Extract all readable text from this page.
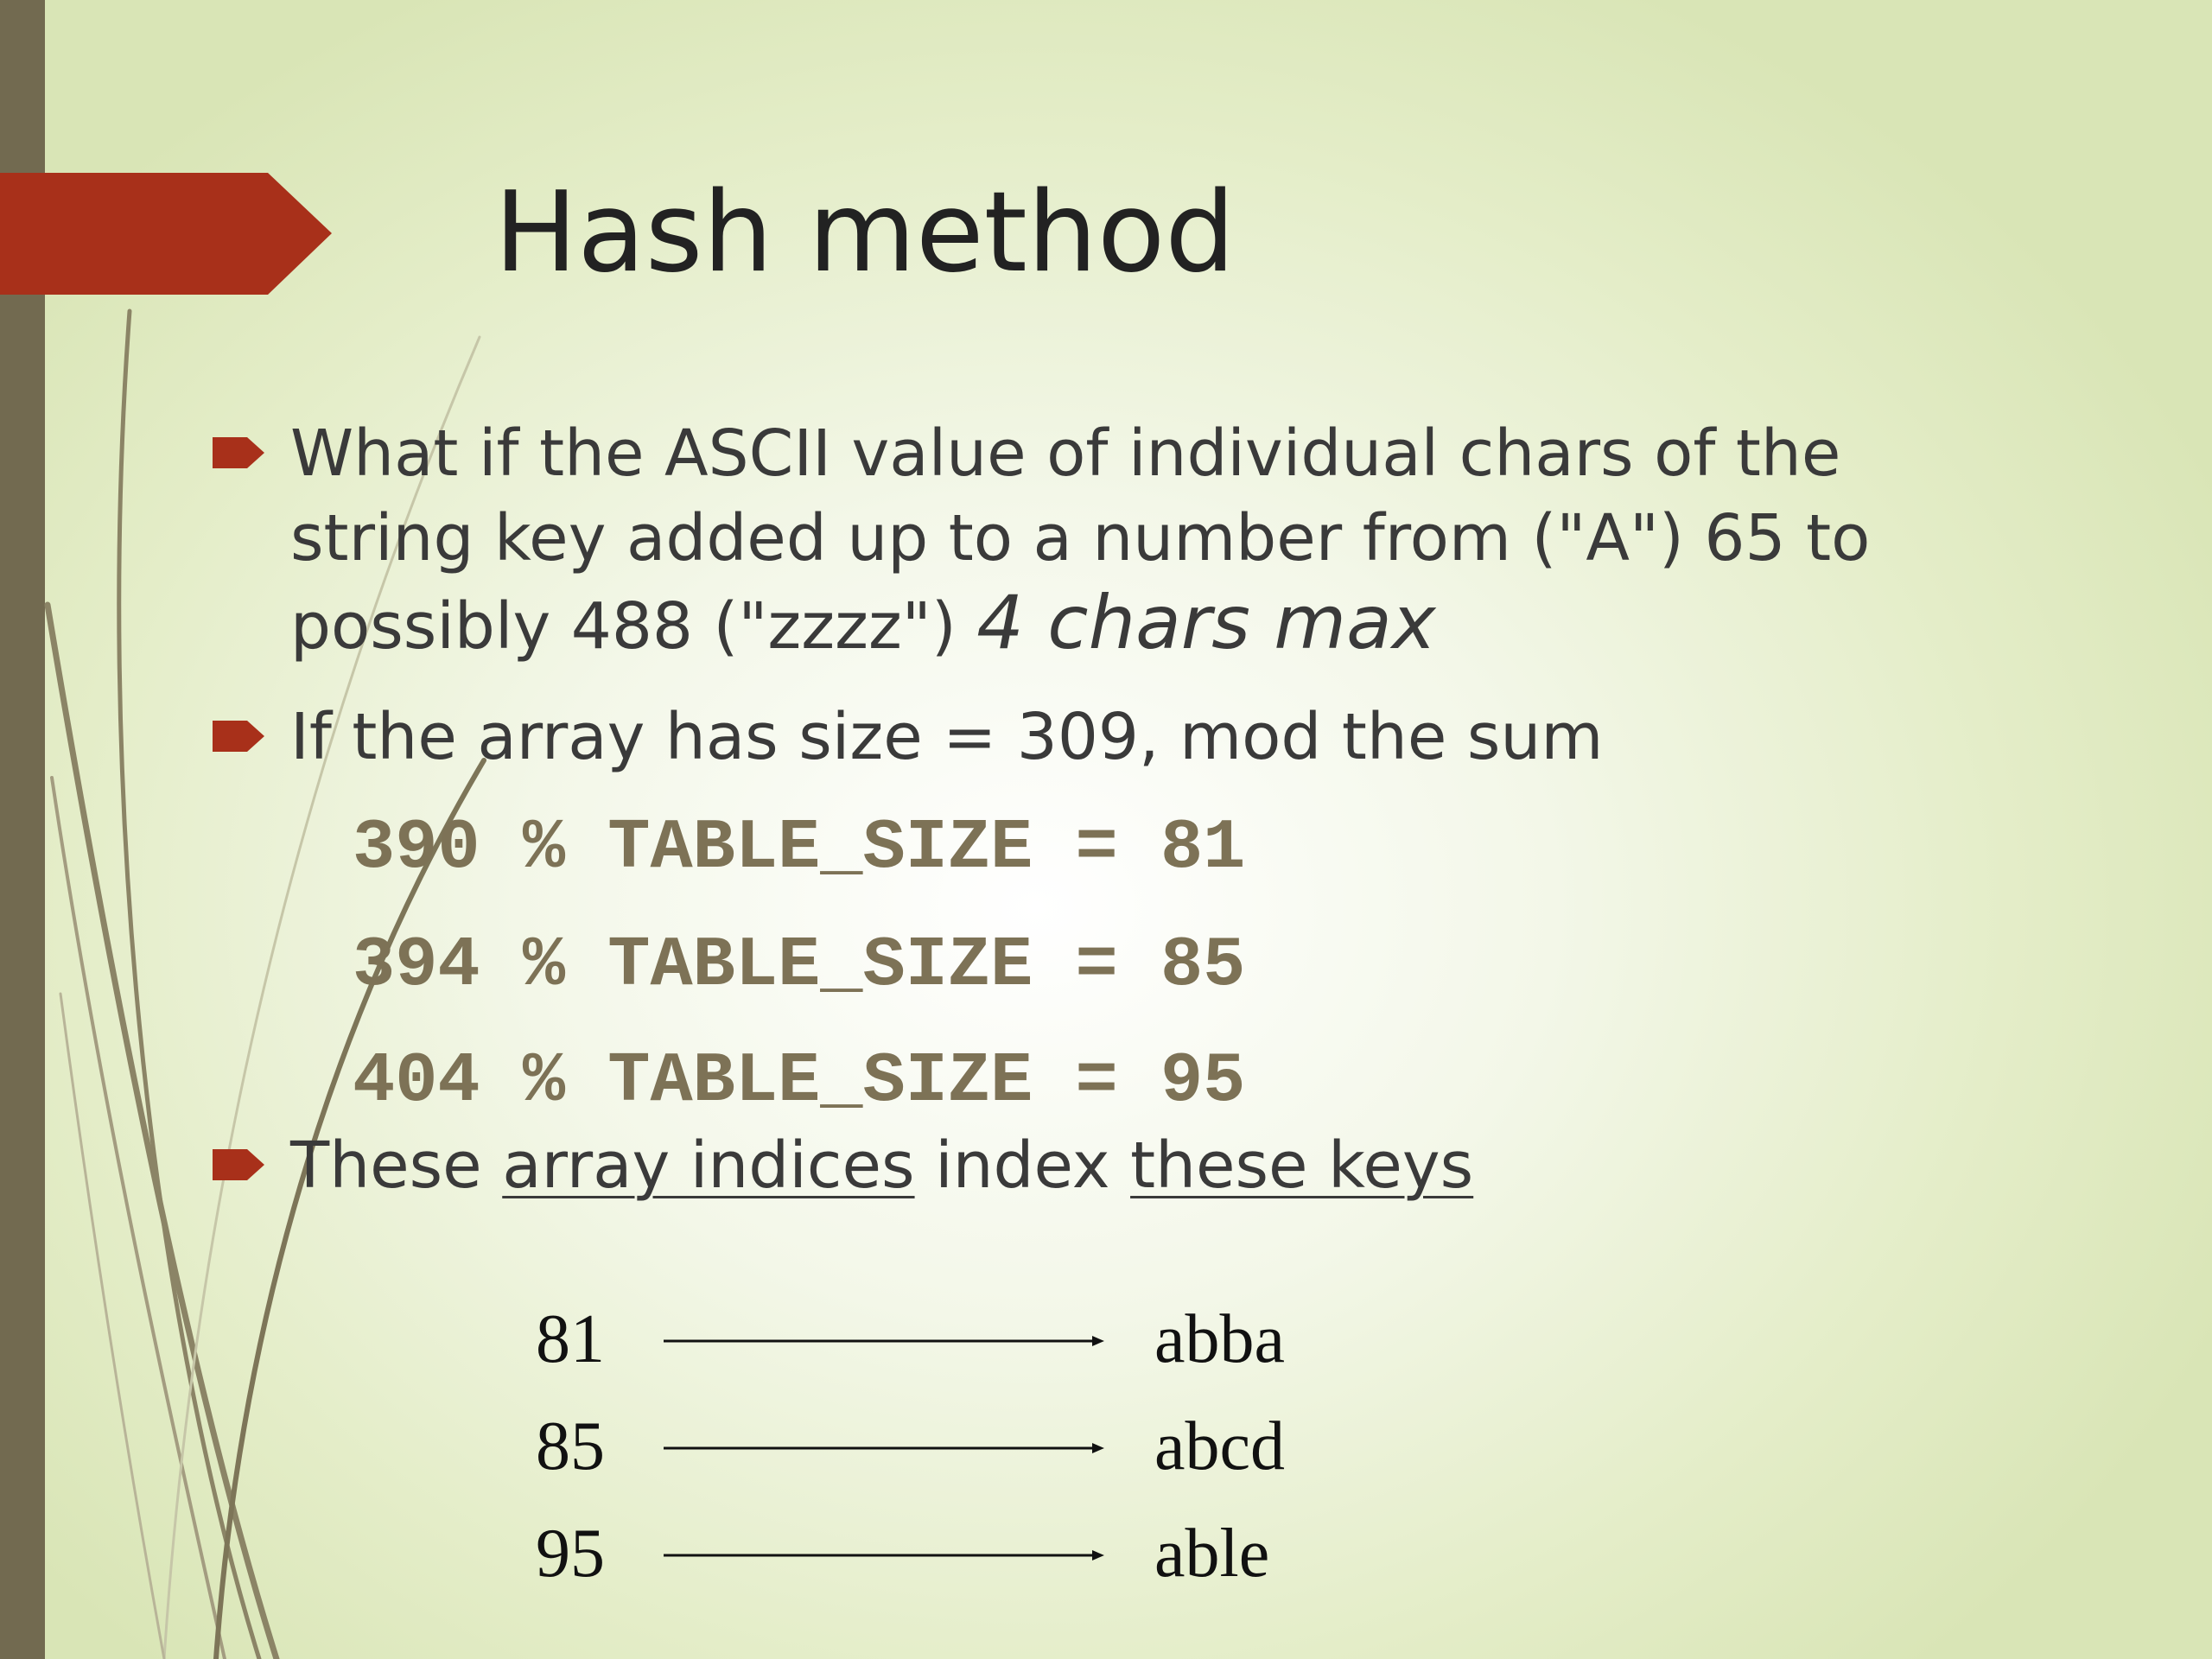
Hash method
What if the ASCII value of individual chars of the
string key added up to a number from ("A") 65 to
possibly 488 ("zzzz") 4 chars max
If the array has size = 309, mod the sum
390 % TABLE_SIZE = 81
394 % TABLE_SIZE = 85
404 % TABLE_SIZE = 95
These array indices index these keys
81	abba
85	abcd
95	able
